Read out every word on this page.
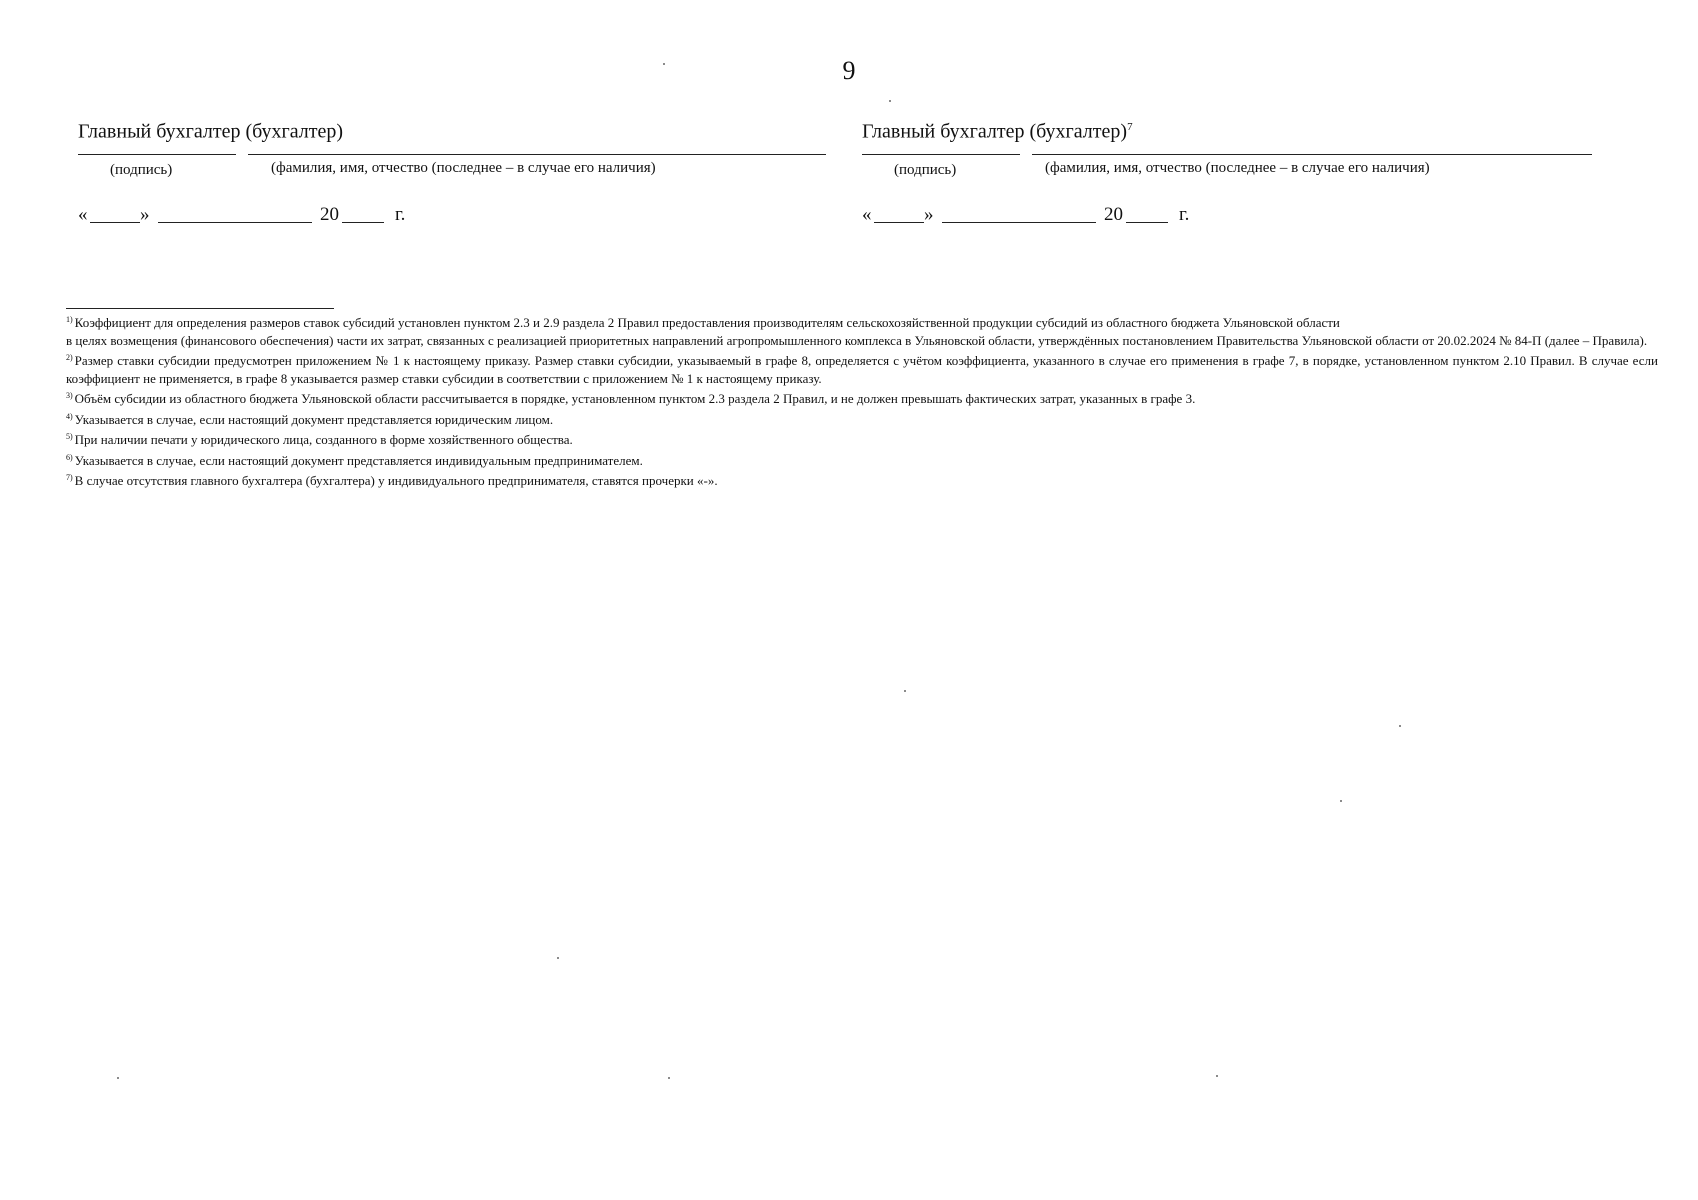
9
Главный бухгалтер (бухгалтер)
(подпись)	(фамилия, имя, отчество (последнее – в случае его наличия)
«	»	20	г.
Главный бухгалтер (бухгалтер)$^7$
(подпись)	(фамилия, имя, отчество (последнее – в случае его наличия)
«	»	20	г.

$^{1)}$ Коэффициент для определения размеров ставок субсидий установлен пунктом 2.3 и 2.9 раздела 2 Правил предоставления производителям сельскохозяйственной продукции субсидий из областного бюджета Ульяновской области

в целях возмещения (финансового обеспечения) части их затрат, связанных с реализацией приоритетных направлений агропромышленного комплекса в Ульяновской области, утверждённых постановлением Правительства Ульяновской области от 20.02.2024 № 84-П (далее – Правила).

$^{2)}$ Размер ставки субсидии предусмотрен приложением № 1 к настоящему приказу. Размер ставки субсидии, указываемый в графе 8, определяется с учётом коэффициента, указанного в случае его применения в графе 7, в порядке, установленном пунктом 2.10 Правил. В случае если коэффициент не применяется, в графе 8 указывается размер ставки субсидии в соответствии с приложением № 1 к настоящему приказу.

$^{3)}$ Объём субсидии из областного бюджета Ульяновской области рассчитывается в порядке, установленном пунктом 2.3 раздела 2 Правил, и не должен превышать фактических затрат, указанных в графе 3.

$^{4)}$ Указывается в случае, если настоящий документ представляется юридическим лицом.

$^{5)}$ При наличии печати у юридического лица, созданного в форме хозяйственного общества.

$^{6)}$ Указывается в случае, если настоящий документ представляется индивидуальным предпринимателем.

$^{7)}$ В случае отсутствия главного бухгалтера (бухгалтера) у индивидуального предпринимателя, ставятся прочерки «-».
